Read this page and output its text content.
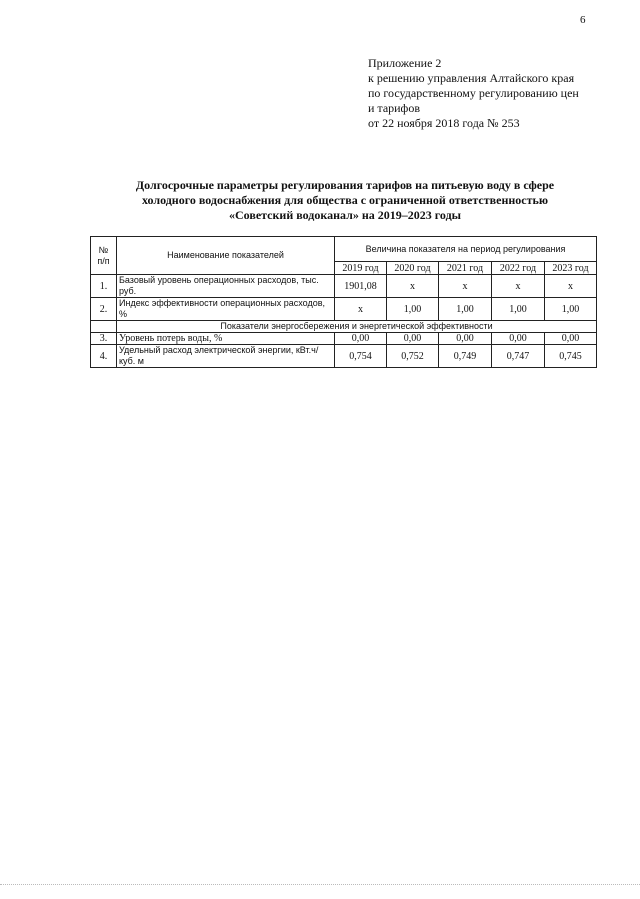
6
Приложение 2
к решению управления Алтайского края
по государственному регулированию цен
и тарифов
от 22 ноября 2018 года № 253
Долгосрочные параметры регулирования тарифов на питьевую воду в сфере
холодного водоснабжения для общества с ограниченной ответственностью
«Советский водоканал» на 2019–2023 годы
№
п/п	Наименование показателей	Величина показателя на период регулирования				
		2019 год	2020 год	2021 год	2022 год	2023 год
1.	Базовый уровень операционных расходов, тыс. руб.	1901,08	х	х	х	х
2.	Индекс эффективности операционных расходов, %	х	1,00	1,00	1,00	1,00
	Показатели энергосбережения и энергетической эффективности					
3.	Уровень потерь воды, %	0,00	0,00	0,00	0,00	0,00
4.	Удельный расход электрической энергии, кВт.ч/куб. м	0,754	0,752	0,749	0,747	0,745
